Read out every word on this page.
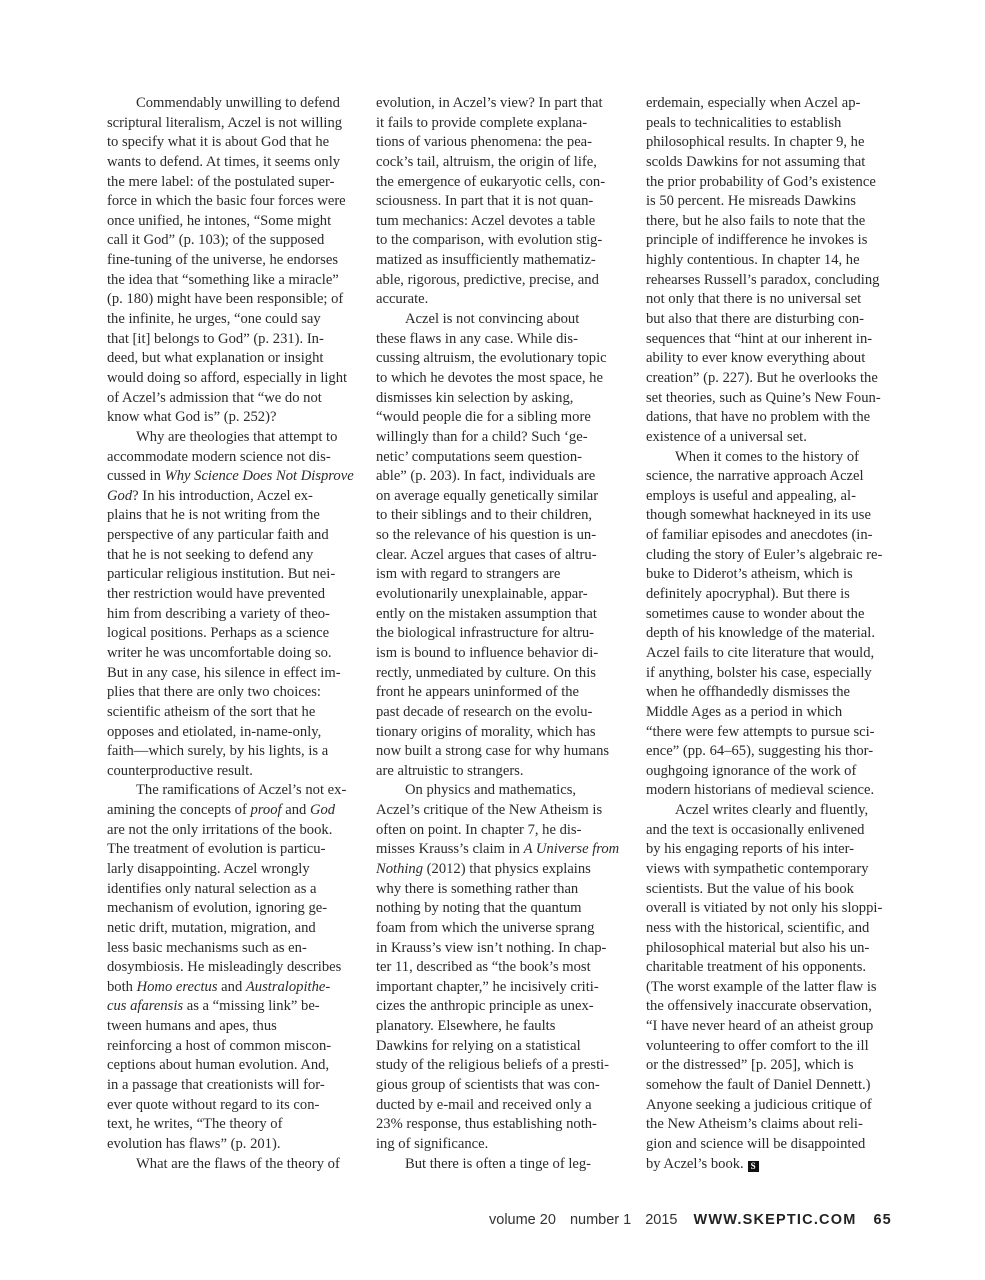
Commendably unwilling to defend
scriptural literalism, Aczel is not willing
to specify what it is about God that he
wants to defend. At times, it seems only
the mere label: of the postulated super-
force in which the basic four forces were
once unified, he intones, “Some might
call it God” (p. 103); of the supposed
fine-tuning of the universe, he endorses
the idea that “something like a miracle”
(p. 180) might have been responsible; of
the infinite, he urges, “one could say
that [it] belongs to God” (p. 231). In-
deed, but what explanation or insight
would doing so afford, especially in light
of Aczel’s admission that “we do not
know what God is” (p. 252)?
Why are theologies that attempt to
accommodate modern science not dis-
cussed in Why Science Does Not Disprove
God? In his introduction, Aczel ex-
plains that he is not writing from the
perspective of any particular faith and
that he is not seeking to defend any
particular religious institution. But nei-
ther restriction would have prevented
him from describing a variety of theo-
logical positions. Perhaps as a science
writer he was uncomfortable doing so.
But in any case, his silence in effect im-
plies that there are only two choices:
scientific atheism of the sort that he
opposes and etiolated, in-name-only,
faith—which surely, by his lights, is a
counterproductive result.
The ramifications of Aczel’s not ex-
amining the concepts of proof and God
are not the only irritations of the book.
The treatment of evolution is particu-
larly disappointing. Aczel wrongly
identifies only natural selection as a
mechanism of evolution, ignoring ge-
netic drift, mutation, migration, and
less basic mechanisms such as en-
dosymbiosis. He misleadingly describes
both Homo erectus and Australopithe-
cus afarensis as a “missing link” be-
tween humans and apes, thus
reinforcing a host of common miscon-
ceptions about human evolution. And,
in a passage that creationists will for-
ever quote without regard to its con-
text, he writes, “The theory of
evolution has flaws” (p. 201).
What are the flaws of the theory of
evolution, in Aczel’s view? In part that
it fails to provide complete explana-
tions of various phenomena: the pea-
cock’s tail, altruism, the origin of life,
the emergence of eukaryotic cells, con-
sciousness. In part that it is not quan-
tum mechanics: Aczel devotes a table
to the comparison, with evolution stig-
matized as insufficiently mathematiz-
able, rigorous, predictive, precise, and
accurate.
Aczel is not convincing about
these flaws in any case. While dis-
cussing altruism, the evolutionary topic
to which he devotes the most space, he
dismisses kin selection by asking,
“would people die for a sibling more
willingly than for a child? Such ‘ge-
netic’ computations seem question-
able” (p. 203). In fact, individuals are
on average equally genetically similar
to their siblings and to their children,
so the relevance of his question is un-
clear. Aczel argues that cases of altru-
ism with regard to strangers are
evolutionarily unexplainable, appar-
ently on the mistaken assumption that
the biological infrastructure for altru-
ism is bound to influence behavior di-
rectly, unmediated by culture. On this
front he appears uninformed of the
past decade of research on the evolu-
tionary origins of morality, which has
now built a strong case for why humans
are altruistic to strangers.
On physics and mathematics,
Aczel’s critique of the New Atheism is
often on point. In chapter 7, he dis-
misses Krauss’s claim in A Universe from
Nothing (2012) that physics explains
why there is something rather than
nothing by noting that the quantum
foam from which the universe sprang
in Krauss’s view isn’t nothing. In chap-
ter 11, described as “the book’s most
important chapter,” he incisively criti-
cizes the anthropic principle as unex-
planatory. Elsewhere, he faults
Dawkins for relying on a statistical
study of the religious beliefs of a presti-
gious group of scientists that was con-
ducted by e-mail and received only a
23% response, thus establishing noth-
ing of significance.
But there is often a tinge of leg-
erdemain, especially when Aczel ap-
peals to technicalities to establish
philosophical results. In chapter 9, he
scolds Dawkins for not assuming that
the prior probability of God’s existence
is 50 percent. He misreads Dawkins
there, but he also fails to note that the
principle of indifference he invokes is
highly contentious. In chapter 14, he
rehearses Russell’s paradox, concluding
not only that there is no universal set
but also that there are disturbing con-
sequences that “hint at our inherent in-
ability to ever know everything about
creation” (p. 227). But he overlooks the
set theories, such as Quine’s New Foun-
dations, that have no problem with the
existence of a universal set.
When it comes to the history of
science, the narrative approach Aczel
employs is useful and appealing, al-
though somewhat hackneyed in its use
of familiar episodes and anecdotes (in-
cluding the story of Euler’s algebraic re-
buke to Diderot’s atheism, which is
definitely apocryphal). But there is
sometimes cause to wonder about the
depth of his knowledge of the material.
Aczel fails to cite literature that would,
if anything, bolster his case, especially
when he offhandedly dismisses the
Middle Ages as a period in which
“there were few attempts to pursue sci-
ence” (pp. 64–65), suggesting his thor-
oughgoing ignorance of the work of
modern historians of medieval science.
Aczel writes clearly and fluently,
and the text is occasionally enlivened
by his engaging reports of his inter-
views with sympathetic contemporary
scientists. But the value of his book
overall is vitiated by not only his sloppi-
ness with the historical, scientific, and
philosophical material but also his un-
charitable treatment of his opponents.
(The worst example of the latter flaw is
the offensively inaccurate observation,
“I have never heard of an atheist group
volunteering to offer comfort to the ill
or the distressed” [p. 205], which is
somehow the fault of Daniel Dennett.)
Anyone seeking a judicious critique of
the New Atheism’s claims about reli-
gion and science will be disappointed
by Aczel’s book. S
volume 20 number 1 2015	WWW.SKEPTIC.COM 65
